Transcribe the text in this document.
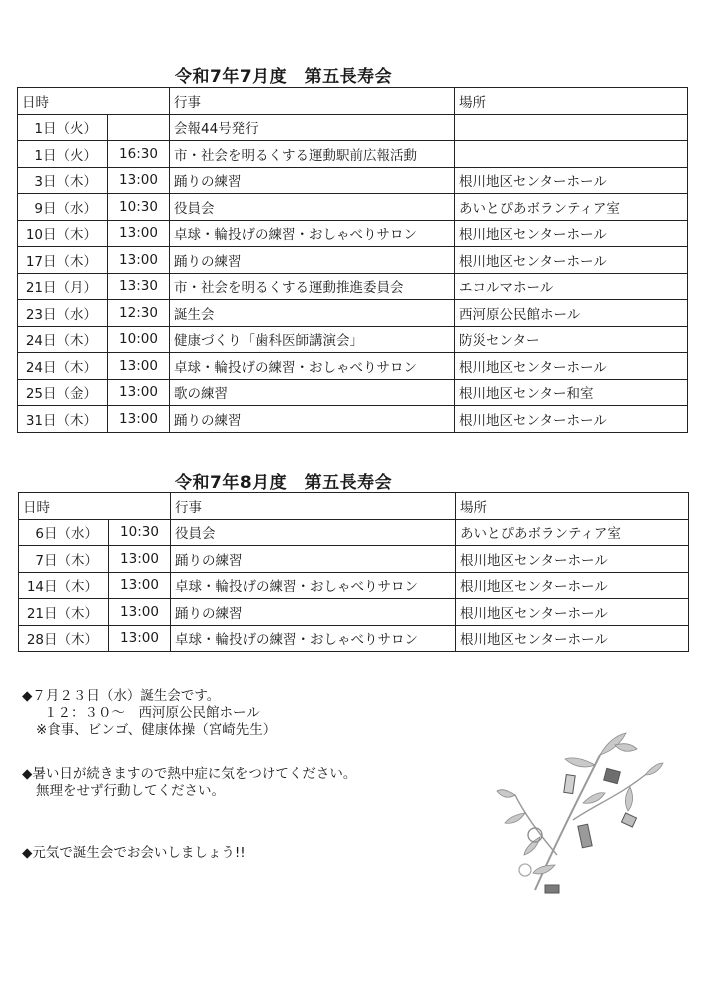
令和7年7月度　第五長寿会
日時		行事	場所
1日（火）		会報44号発行	
1日（火）	16:30	市・社会を明るくする運動駅前広報活動	
3日（木）	13:00	踊りの練習	根川地区センターホール
9日（水）	10:30	役員会	あいとぴあボランティア室
10日（木）	13:00	卓球・輪投げの練習・おしゃべりサロン	根川地区センターホール
17日（木）	13:00	踊りの練習	根川地区センターホール
21日（月）	13:30	市・社会を明るくする運動推進委員会	エコルマホール
23日（水）	12:30	誕生会	西河原公民館ホール
24日（木）	10:00	健康づくり「歯科医師講演会」	防災センター
24日（木）	13:00	卓球・輪投げの練習・おしゃべりサロン	根川地区センターホール
25日（金）	13:00	歌の練習	根川地区センター和室
31日（木）	13:00	踊りの練習	根川地区センターホール
令和7年8月度　第五長寿会
日時		行事	場所
6日（水）	10:30	役員会	あいとぴあボランティア室
7日（木）	13:00	踊りの練習	根川地区センターホール
14日（木）	13:00	卓球・輪投げの練習・おしゃべりサロン	根川地区センターホール
21日（木）	13:00	踊りの練習	根川地区センターホール
28日（木）	13:00	卓球・輪投げの練習・おしゃべりサロン	根川地区センターホール
◆７月２３日（水）誕生会です。
１２：３０～　西河原公民館ホール
※食事、ビンゴ、健康体操（宮崎先生）
◆暑い日が続きますので熱中症に気をつけてください。
無理をせず行動してください。
◆元気で誕生会でお会いしましょう!!
